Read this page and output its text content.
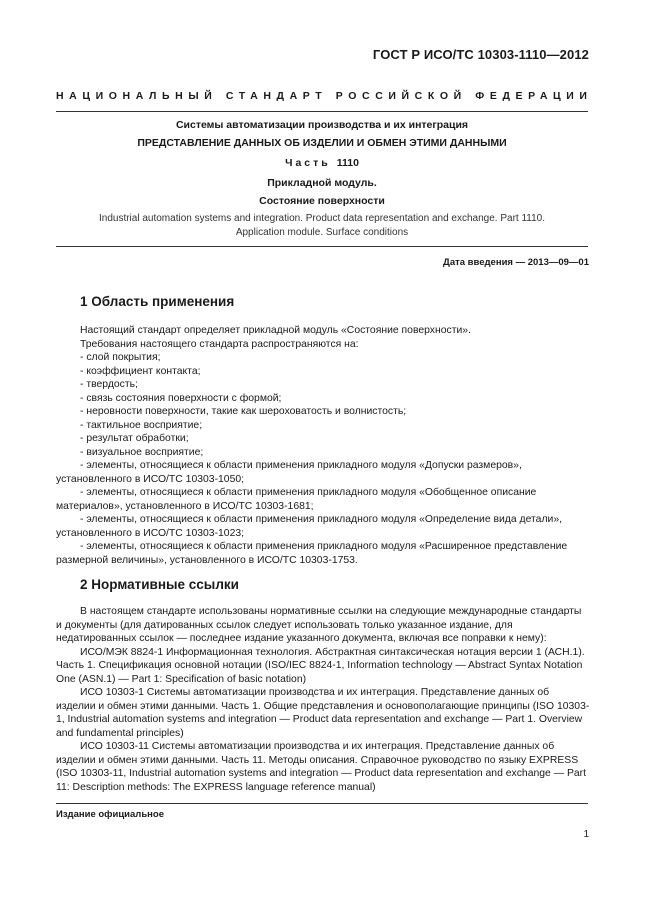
ГОСТ Р ИСО/ТС 10303-1110—2012
НАЦИОНАЛЬНЫЙ СТАНДАРТ РОССИЙСКОЙ ФЕДЕРАЦИИ
Системы автоматизации производства и их интеграция
ПРЕДСТАВЛЕНИЕ ДАННЫХ ОБ ИЗДЕЛИИ И ОБМЕН ЭТИМИ ДАННЫМИ
Часть 1110
Прикладной модуль.
Состояние поверхности
Industrial automation systems and integration. Product data representation and exchange. Part 1110.
Application module. Surface conditions
Дата введения — 2013—09—01
1 Область применения

Настоящий стандарт определяет прикладной модуль «Состояние поверхности».

Требования настоящего стандарта распространяются на:

- слой покрытия;

- коэффициент контакта;

- твердость;

- связь состояния поверхности с формой;

- неровности поверхности, такие как шероховатость и волнистость;

- тактильное восприятие;

- результат обработки;

- визуальное восприятие;

- элементы, относящиеся к области применения прикладного модуля «Допуски размеров», установленного в ИСО/ТС 10303-1050;

- элементы, относящиеся к области применения прикладного модуля «Обобщенное описание материалов», установленного в ИСО/ТС 10303-1681;

- элементы, относящиеся к области применения прикладного модуля «Определение вида детали», установленного в ИСО/ТС 10303-1023;

- элементы, относящиеся к области применения прикладного модуля «Расширенное представление размерной величины», установленного в ИСО/ТС 10303-1753.

2 Нормативные ссылки

В настоящем стандарте использованы нормативные ссылки на следующие международные стандарты и документы (для датированных ссылок следует использовать только указанное издание, для недатированных ссылок — последнее издание указанного документа, включая все поправки к нему):

ИСО/МЭК 8824-1 Информационная технология. Абстрактная синтаксическая нотация версии 1 (АСН.1). Часть 1. Спецификация основной нотации (ISO/IEC 8824-1, Information technology — Abstract Syntax Notation One (ASN.1) — Part 1: Specification of basic notation)

ИСО 10303-1 Системы автоматизации производства и их интеграция. Представление данных об изделии и обмен этими данными. Часть 1. Общие представления и основополагающие принципы (ISO 10303-1, Industrial automation systems and integration — Product data representation and exchange — Part 1. Overview and fundamental principles)

ИСО 10303-11 Системы автоматизации производства и их интеграция. Представление данных об изделии и обмен этими данными. Часть 11. Методы описания. Справочное руководство по языку EXPRESS (ISO 10303-11, Industrial automation systems and integration — Product data representation and exchange — Part 11: Description methods: The EXPRESS language reference manual)

Издание официальное
1
